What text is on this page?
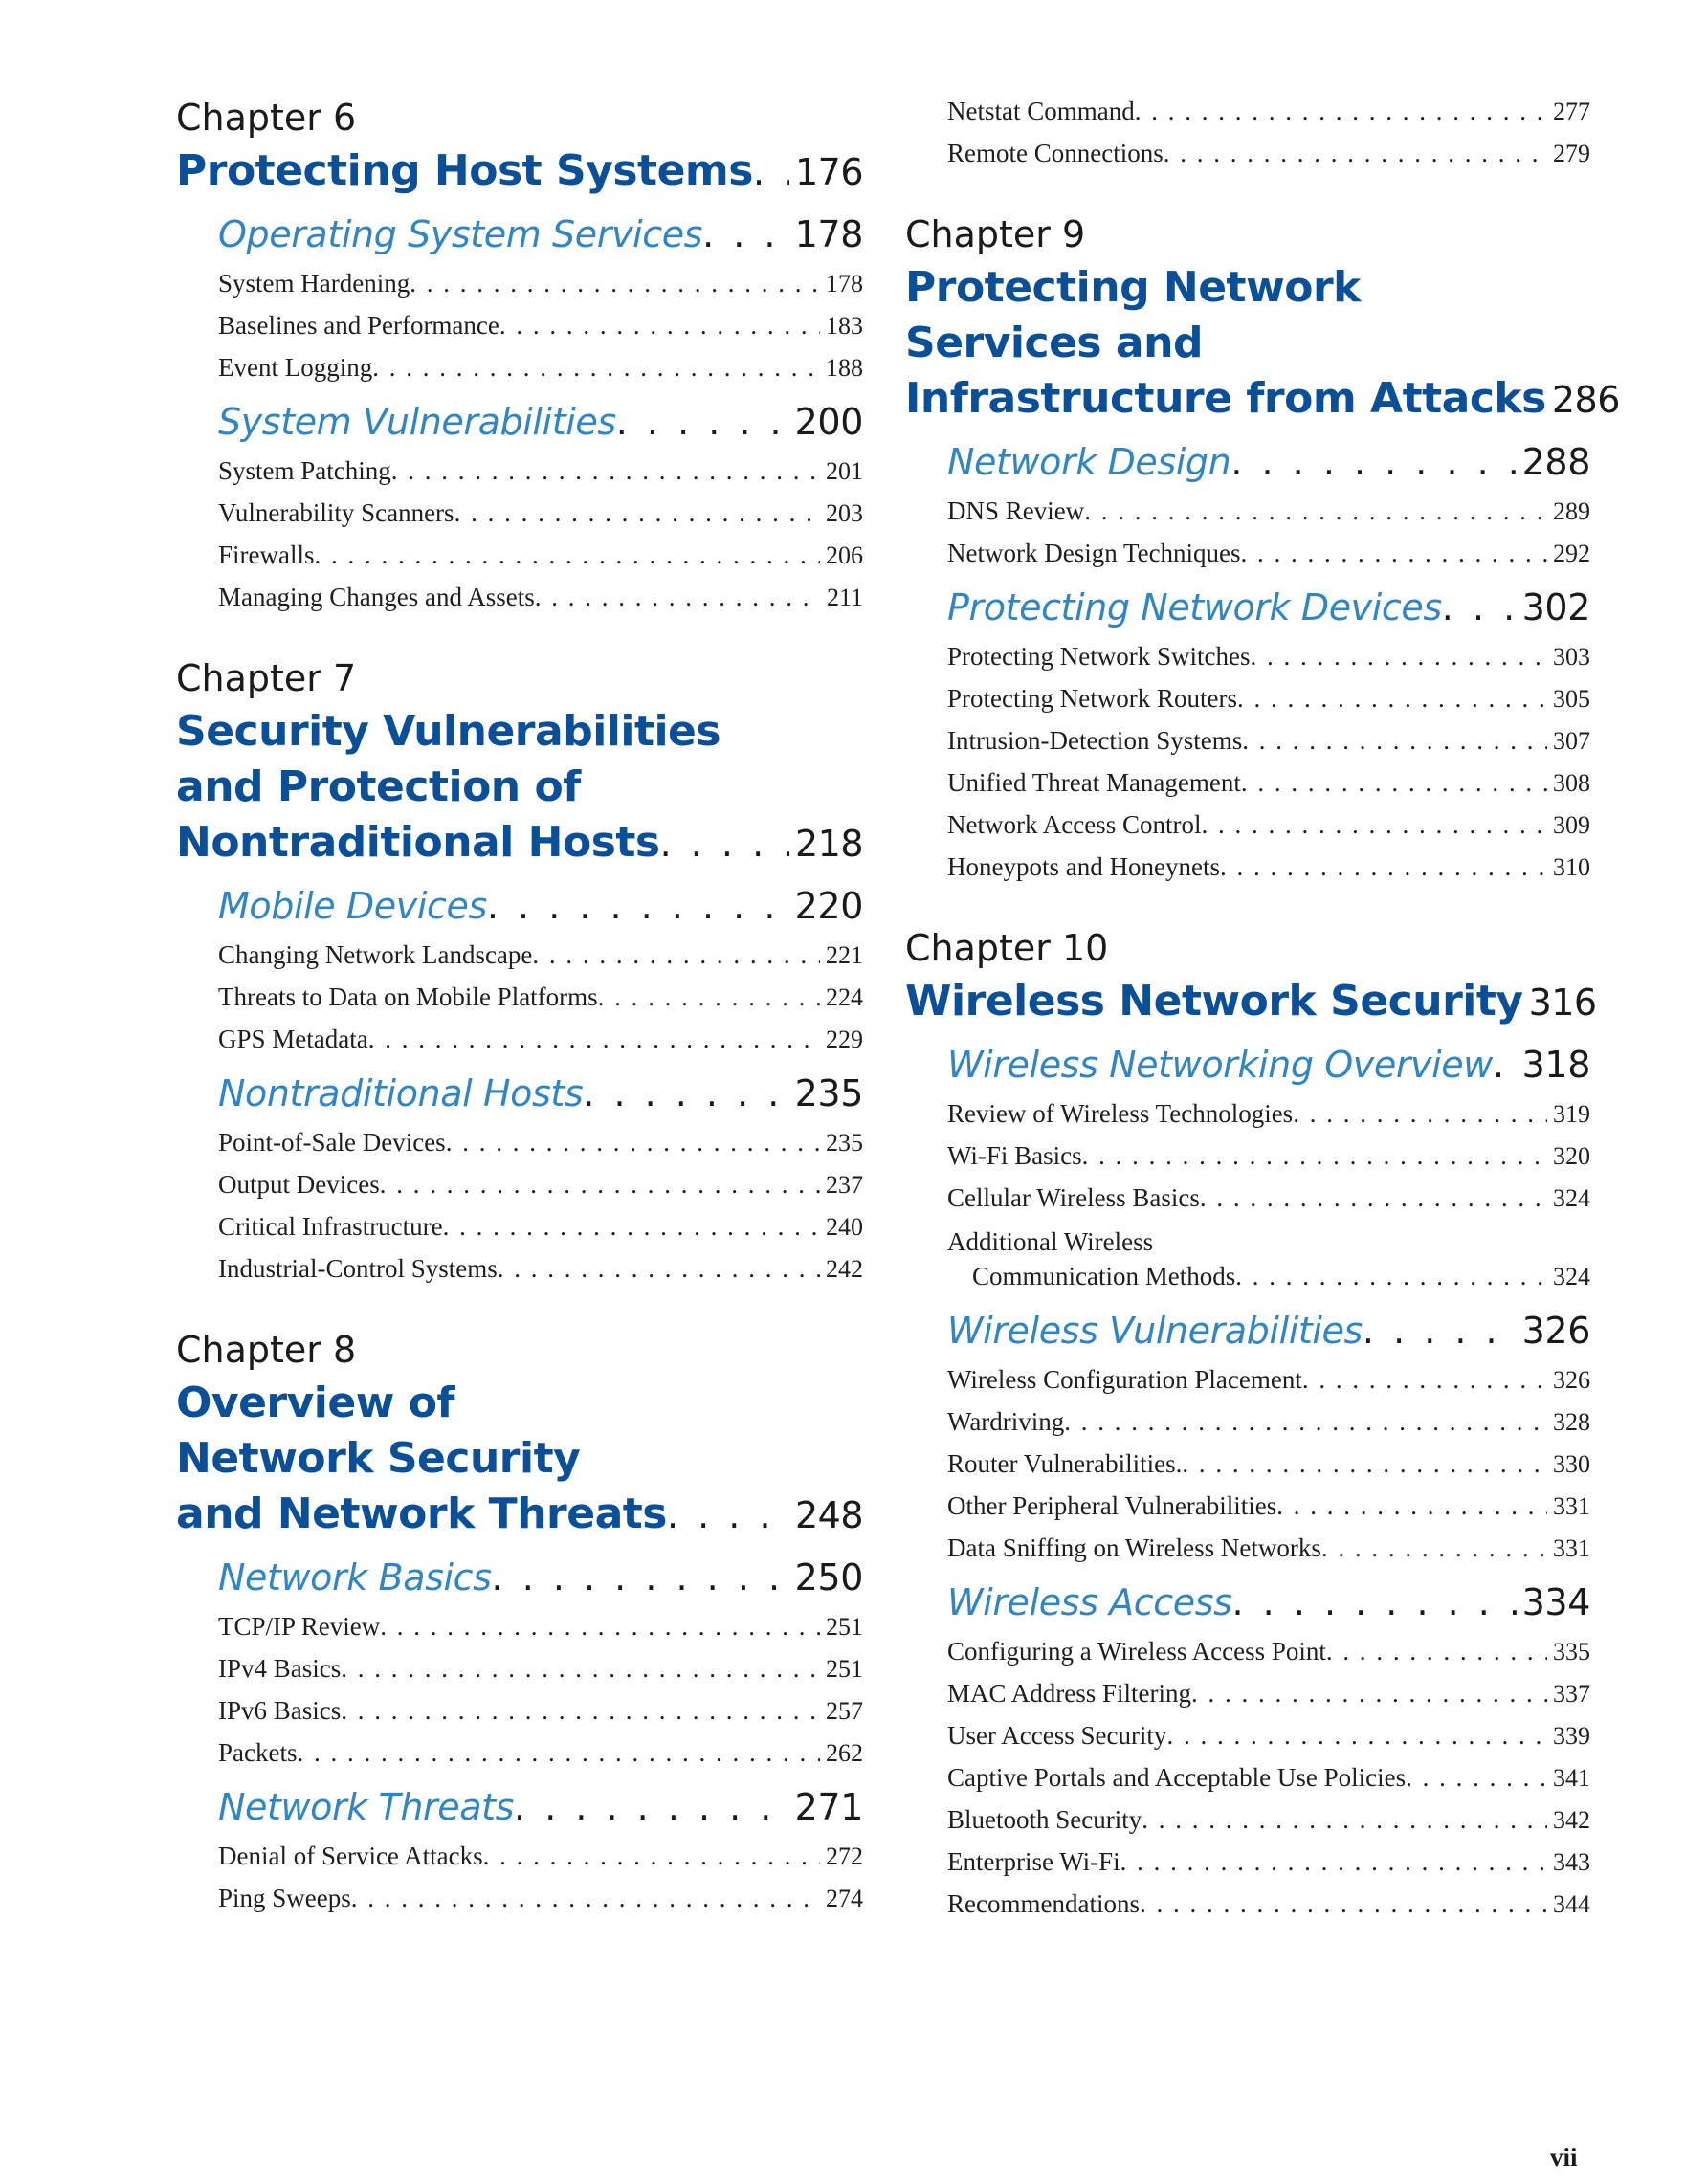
Chapter 6
Protecting Host Systems . . . 176
Operating System Services . . .	178
System Hardening . . .	178
Baselines and Performance . . .	183
Event Logging . . .	188
System Vulnerabilities . . .	200
System Patching . . .	201
Vulnerability Scanners . . .	203
Firewalls . . .	206
Managing Changes and Assets . . .	211
Chapter 7
Security Vulnerabilities
and Protection of
Nontraditional Hosts . . .	218
Mobile Devices . . .	220
Changing Network Landscape . . .	221
Threats to Data on Mobile Platforms . . .	224
GPS Metadata . . .	229
Nontraditional Hosts . . .	235
Point-of-Sale Devices . . .	235
Output Devices . . .	237
Critical Infrastructure . . .	240
Industrial-Control Systems . . .	242
Chapter 8
Overview of
Network Security
and Network Threats . . .	248
Network Basics . . .	250
TCP/IP Review . . .	251
IPv4 Basics . . .	251
IPv6 Basics . . .	257
Packets . . .	262
Network Threats . . .	271
Denial of Service Attacks . . .	272
Ping Sweeps . . .	274
Netstat Command . . .	277
Remote Connections . . .	279
Chapter 9
Protecting Network
Services and
Infrastructure from Attacks 286
Network Design . . .	288
DNS Review . . .	289
Network Design Techniques . . .	292
Protecting Network Devices . . . 302
Protecting Network Switches . . .	303
Protecting Network Routers . . .	305
Intrusion-Detection Systems . . .	307
Unified Threat Management . . .	308
Network Access Control . . .	309
Honeypots and Honeynets . . .	310
Chapter 10
Wireless Network Security 316
Wireless Networking Overview . . . 318
Review of Wireless Technologies . . .	319
Wi-Fi Basics . . .	320
Cellular Wireless Basics . . .	324
Additional Wireless
Communication Methods . . .	324
Wireless Vulnerabilities . . .	326
Wireless Configuration Placement . . .	326
Wardriving . . .	328
Router Vulnerabilities. . . .	330
Other Peripheral Vulnerabilities . . .	331
Data Sniffing on Wireless Networks . . .	331
Wireless Access . . .	334
Configuring a Wireless Access Point . . .	335
MAC Address Filtering . . .	337
User Access Security . . .	339
Captive Portals and Acceptable Use Policies . . .	341
Bluetooth Security . . .	342
Enterprise Wi-Fi . . .	343
Recommendations . . .	344
vii
